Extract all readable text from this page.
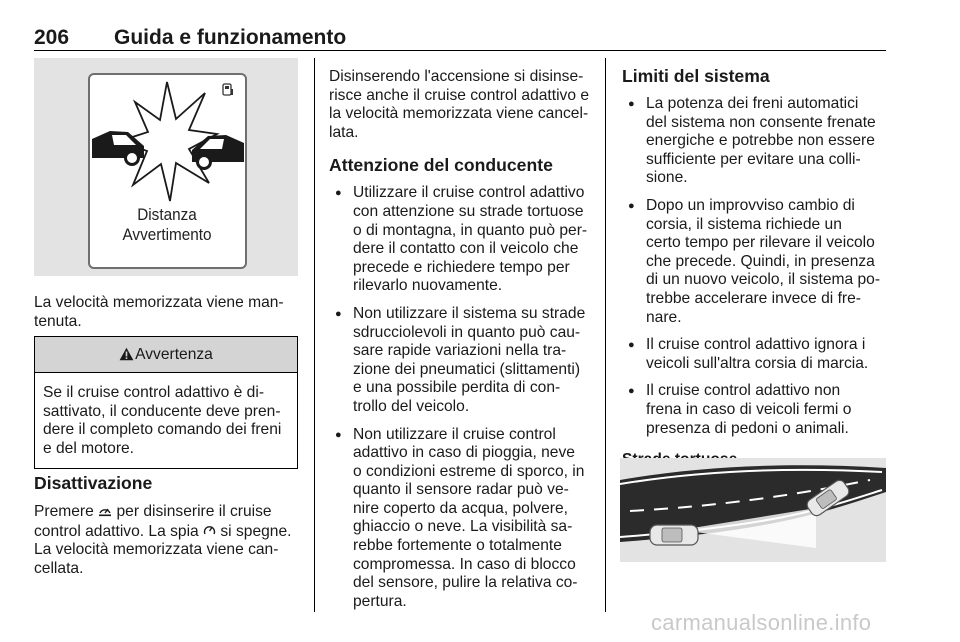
206 Guida e funzionamento
Distanza
Avvertimento

La velocità memorizzata viene man-

tenuta.

Avvertenza
Se il cruise control adattivo è di-
sattivato, il conducente deve pren-
dere il completo comando dei freni
e del motore.

Disattivazione

Premere  per disinserire il cruise

control adattivo. La spia  si spegne.

La velocità memorizzata viene can-

cellata.

Disinserendo l'accensione si disinse-

risce anche il cruise control adattivo e

la velocità memorizzata viene cancel-

lata.

Attenzione del conducente

● Utilizzare il cruise control adattivo
con attenzione su strade tortuose
o di montagna, in quanto può per-
dere il contatto con il veicolo che
precede e richiedere tempo per
rilevarlo nuovamente.
● Non utilizzare il sistema su strade
sdrucciolevoli in quanto può cau-
sare rapide variazioni nella tra-
zione dei pneumatici (slittamenti)
e una possibile perdita di con-
trollo del veicolo.
● Non utilizzare il cruise control
adattivo in caso di pioggia, neve
o condizioni estreme di sporco, in
quanto il sensore radar può ve-
nire coperto da acqua, polvere,
ghiaccio o neve. La visibilità sa-
rebbe fortemente o totalmente
compromessa. In caso di blocco
del sensore, pulire la relativa co-
pertura.

Limiti del sistema

● La potenza dei freni automatici
del sistema non consente frenate
energiche e potrebbe non essere
sufficiente per evitare una colli-
sione.
● Dopo un improvviso cambio di
corsia, il sistema richiede un
certo tempo per rilevare il veicolo
che precede. Quindi, in presenza
di un nuovo veicolo, il sistema po-
trebbe accelerare invece di fre-
nare.
● Il cruise control adattivo ignora i
veicoli sull'altra corsia di marcia.
● Il cruise control adattivo non
frena in caso di veicoli fermi o
presenza di pedoni o animali.

carmanualsonline.info
